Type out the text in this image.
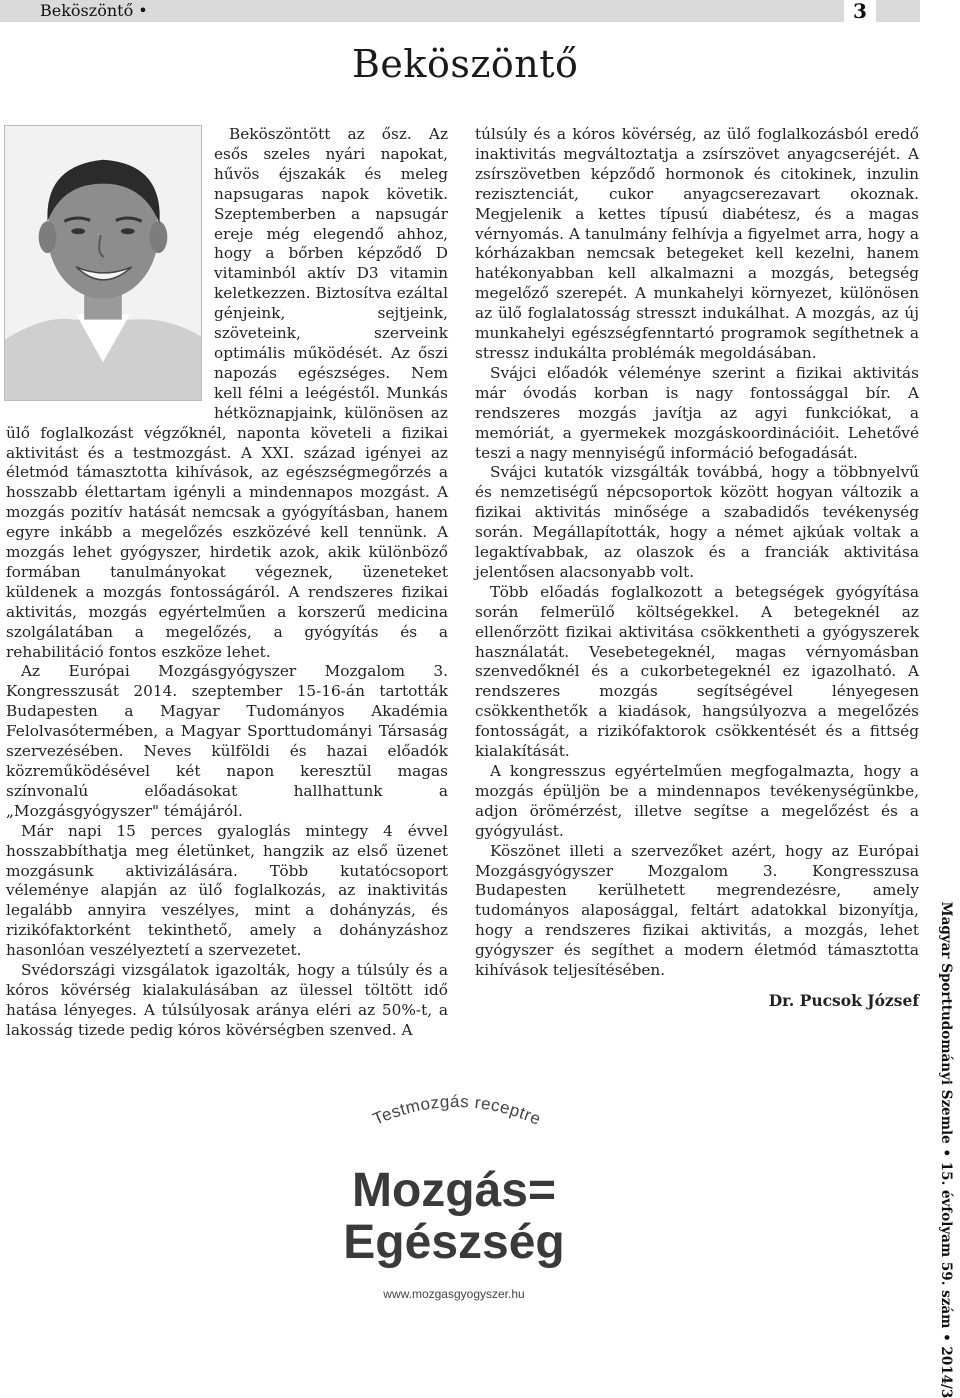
Beköszöntő •	3
Beköszöntő

Beköszöntött az ősz. Az esős szeles nyári napokat, hűvös éjszakák és meleg napsugaras napok követik. Szeptemberben a napsugár ereje még elegendő ahhoz, hogy a bőrben képződő D vitaminból aktív D3 vitamin keletkezzen. Biztosítva ezáltal génjeink, sejtjeink, szöveteink, szerveink optimális működését. Az őszi napozás egészséges. Nem kell félni a leégéstől. Munkás hétköznapjaink, különösen az ülő foglalkozást végzőknél, naponta követeli a fizikai aktivitást és a testmozgást. A XXI. század igényei az életmód támasztotta kihívások, az egészségmegőrzés a hosszabb élettartam igényli a mindennapos mozgást. A mozgás pozitív hatását nemcsak a gyógyításban, hanem egyre inkább a megelőzés eszközévé kell tennünk. A mozgás lehet gyógyszer, hirdetik azok, akik különböző formában tanulmányokat végeznek, üzeneteket küldenek a mozgás fontosságáról. A rendszeres fizikai aktivitás, mozgás egyértelműen a korszerű medicina szolgálatában a megelőzés, a gyógyítás és a rehabilitáció fontos eszköze lehet.

Az Európai Mozgásgyógyszer Mozgalom 3. Kongresszusát 2014. szeptember 15-16-án tartották Budapesten a Magyar Tudományos Akadémia Felolvasótermében, a Magyar Sporttudományi Társaság szervezésében. Neves külföldi és hazai előadók közreműködésével két napon keresztül magas színvonalú előadásokat hallhattunk a „Mozgásgyógyszer" témájáról.

Már napi 15 perces gyaloglás mintegy 4 évvel hosszabbíthatja meg életünket, hangzik az első üzenet mozgásunk aktivizálására. Több kutatócsoport véleménye alapján az ülő foglalkozás, az inaktivitás legalább annyira veszélyes, mint a dohányzás, és rizikófaktorként tekinthető, amely a dohányzáshoz hasonlóan veszélyeztetí a szervezetet.

Svédországi vizsgálatok igazolták, hogy a túlsúly és a kóros kövérség kialakulásában az ülessel töltött idő hatása lényeges. A túlsúlyosak aránya eléri az 50%-t, a lakosság tizede pedig kóros kövérségben szenved. A

túlsúly és a kóros kövérség, az ülő foglalkozásból eredő inaktivitás megváltoztatja a zsírszövet anyagcseréjét. A zsírszövetben képződő hormonok és citokinek, inzulin rezisztenciát, cukor anyagcserezavart okoznak. Megjelenik a kettes típusú diabétesz, és a magas vérnyomás. A tanulmány felhívja a figyelmet arra, hogy a kórházakban nemcsak betegeket kell kezelni, hanem hatékonyabban kell alkalmazni a mozgás, betegség megelőző szerepét. A munkahelyi környezet, különösen az ülő foglalatosság stresszt indukálhat. A mozgás, az új munkahelyi egészségfenntartó programok segíthetnek a stressz indukálta problémák megoldásában.

Svájci előadók véleménye szerint a fizikai aktivitás már óvodás korban is nagy fontossággal bír. A rendszeres mozgás javítja az agyi funkciókat, a memóriát, a gyermekek mozgáskoordinációit. Lehetővé teszi a nagy mennyiségű információ befogadását.

Svájci kutatók vizsgálták továbbá, hogy a többnyelvű és nemzetiségű népcsoportok között hogyan változik a fizikai aktivitás minősége a szabadidős tevékenység során. Megállapították, hogy a német ajkúak voltak a legaktívabbak, az olaszok és a franciák aktivitása jelentősen alacsonyabb volt.

Több előadás foglalkozott a betegségek gyógyítása során felmerülő költségekkel. A betegeknél az ellenőrzött fizikai aktivitása csökkentheti a gyógyszerek használatát. Vesebetegeknél, magas vérnyomásban szenvedőknél és a cukorbetegeknél ez igazolható. A rendszeres mozgás segítségével lényegesen csökkenthetők a kiadások, hangsúlyozva a megelőzés fontosságát, a rizikófaktorok csökkentését és a fittség kialakítását.

A kongresszus egyértelműen megfogalmazta, hogy a mozgás épüljön be a mindennapos tevékenységünkbe, adjon örömérzést, illetve segítse a megelőzést és a gyógyulást.

Köszönet illeti a szervezőket azért, hogy az Európai Mozgásgyógyszer Mozgalom 3. Kongresszusa Budapesten kerülhetett megrendezésre, amely tudományos alaposággal, feltárt adatokkal bizonyítja, hogy a rendszeres fizikai aktivitás, a mozgás, lehet gyógyszer és segíthet a modern életmód támasztotta kihívások teljesítésében.

Dr. Pucsok József
Testmozgás receptre
Mozgás=
Egészség
www.mozgasgyogyszer.hu	Magyar Sporttudományi Szemle • 15. évfolyam 59. szám • 2014/3
